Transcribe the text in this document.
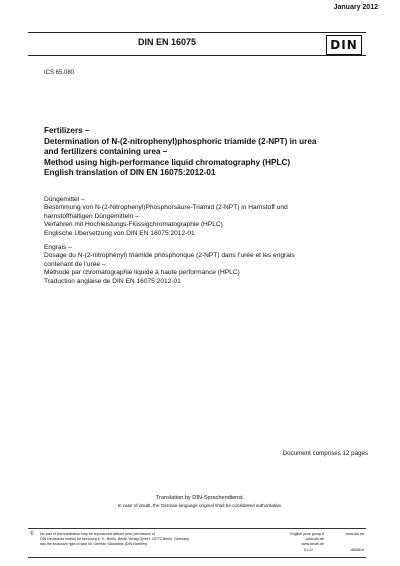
January 2012
DIN EN 16075	DIN
ICS 65.080
Fertilizers –
Determination of N-(2-nitrophenyl)phosphoric triamide (2-NPT) in urea
and fertilizers containing urea –
Method using high-performance liquid chromatography (HPLC)
English translation of DIN EN 16075:2012-01
Düngemittel –
Bestimmung von N-(2-Nitrophenyl)Phosphorsäure-Triamid (2-NPT) in Harnstoff und
harnstoffhaltigen Düngemitteln –
Verfahren mit Hochleistungs-Flüssigchromatographie (HPLC)
Englische Übersetzung von DIN EN 16075:2012-01
Engrais –
Dosage du N-(2-nitrophényl) triamide phosphorique (2-NPT) dans l’urée et les engrais
contenant de l’urée –
Méthode par chromatographie liquide à haute performance (HPLC)
Traduction anglaise de DIN EN 16075:2012-01
Document comprises 12 pages
Translation by DIN-Sprachendienst.
In case of doubt, the German-language original shall be considered authoritative.
© No part of this translation may be reproduced without prior permission of
DIN Deutsches Institut für Normung e. V., Berlin. Beuth Verlag GmbH, 10772 Berlin, Germany,
has the exclusive right of sale for German Standards (DIN-Normen).
English price group 8
www.din.de
www.beuth.de
www.din.de
01.12	1860819
